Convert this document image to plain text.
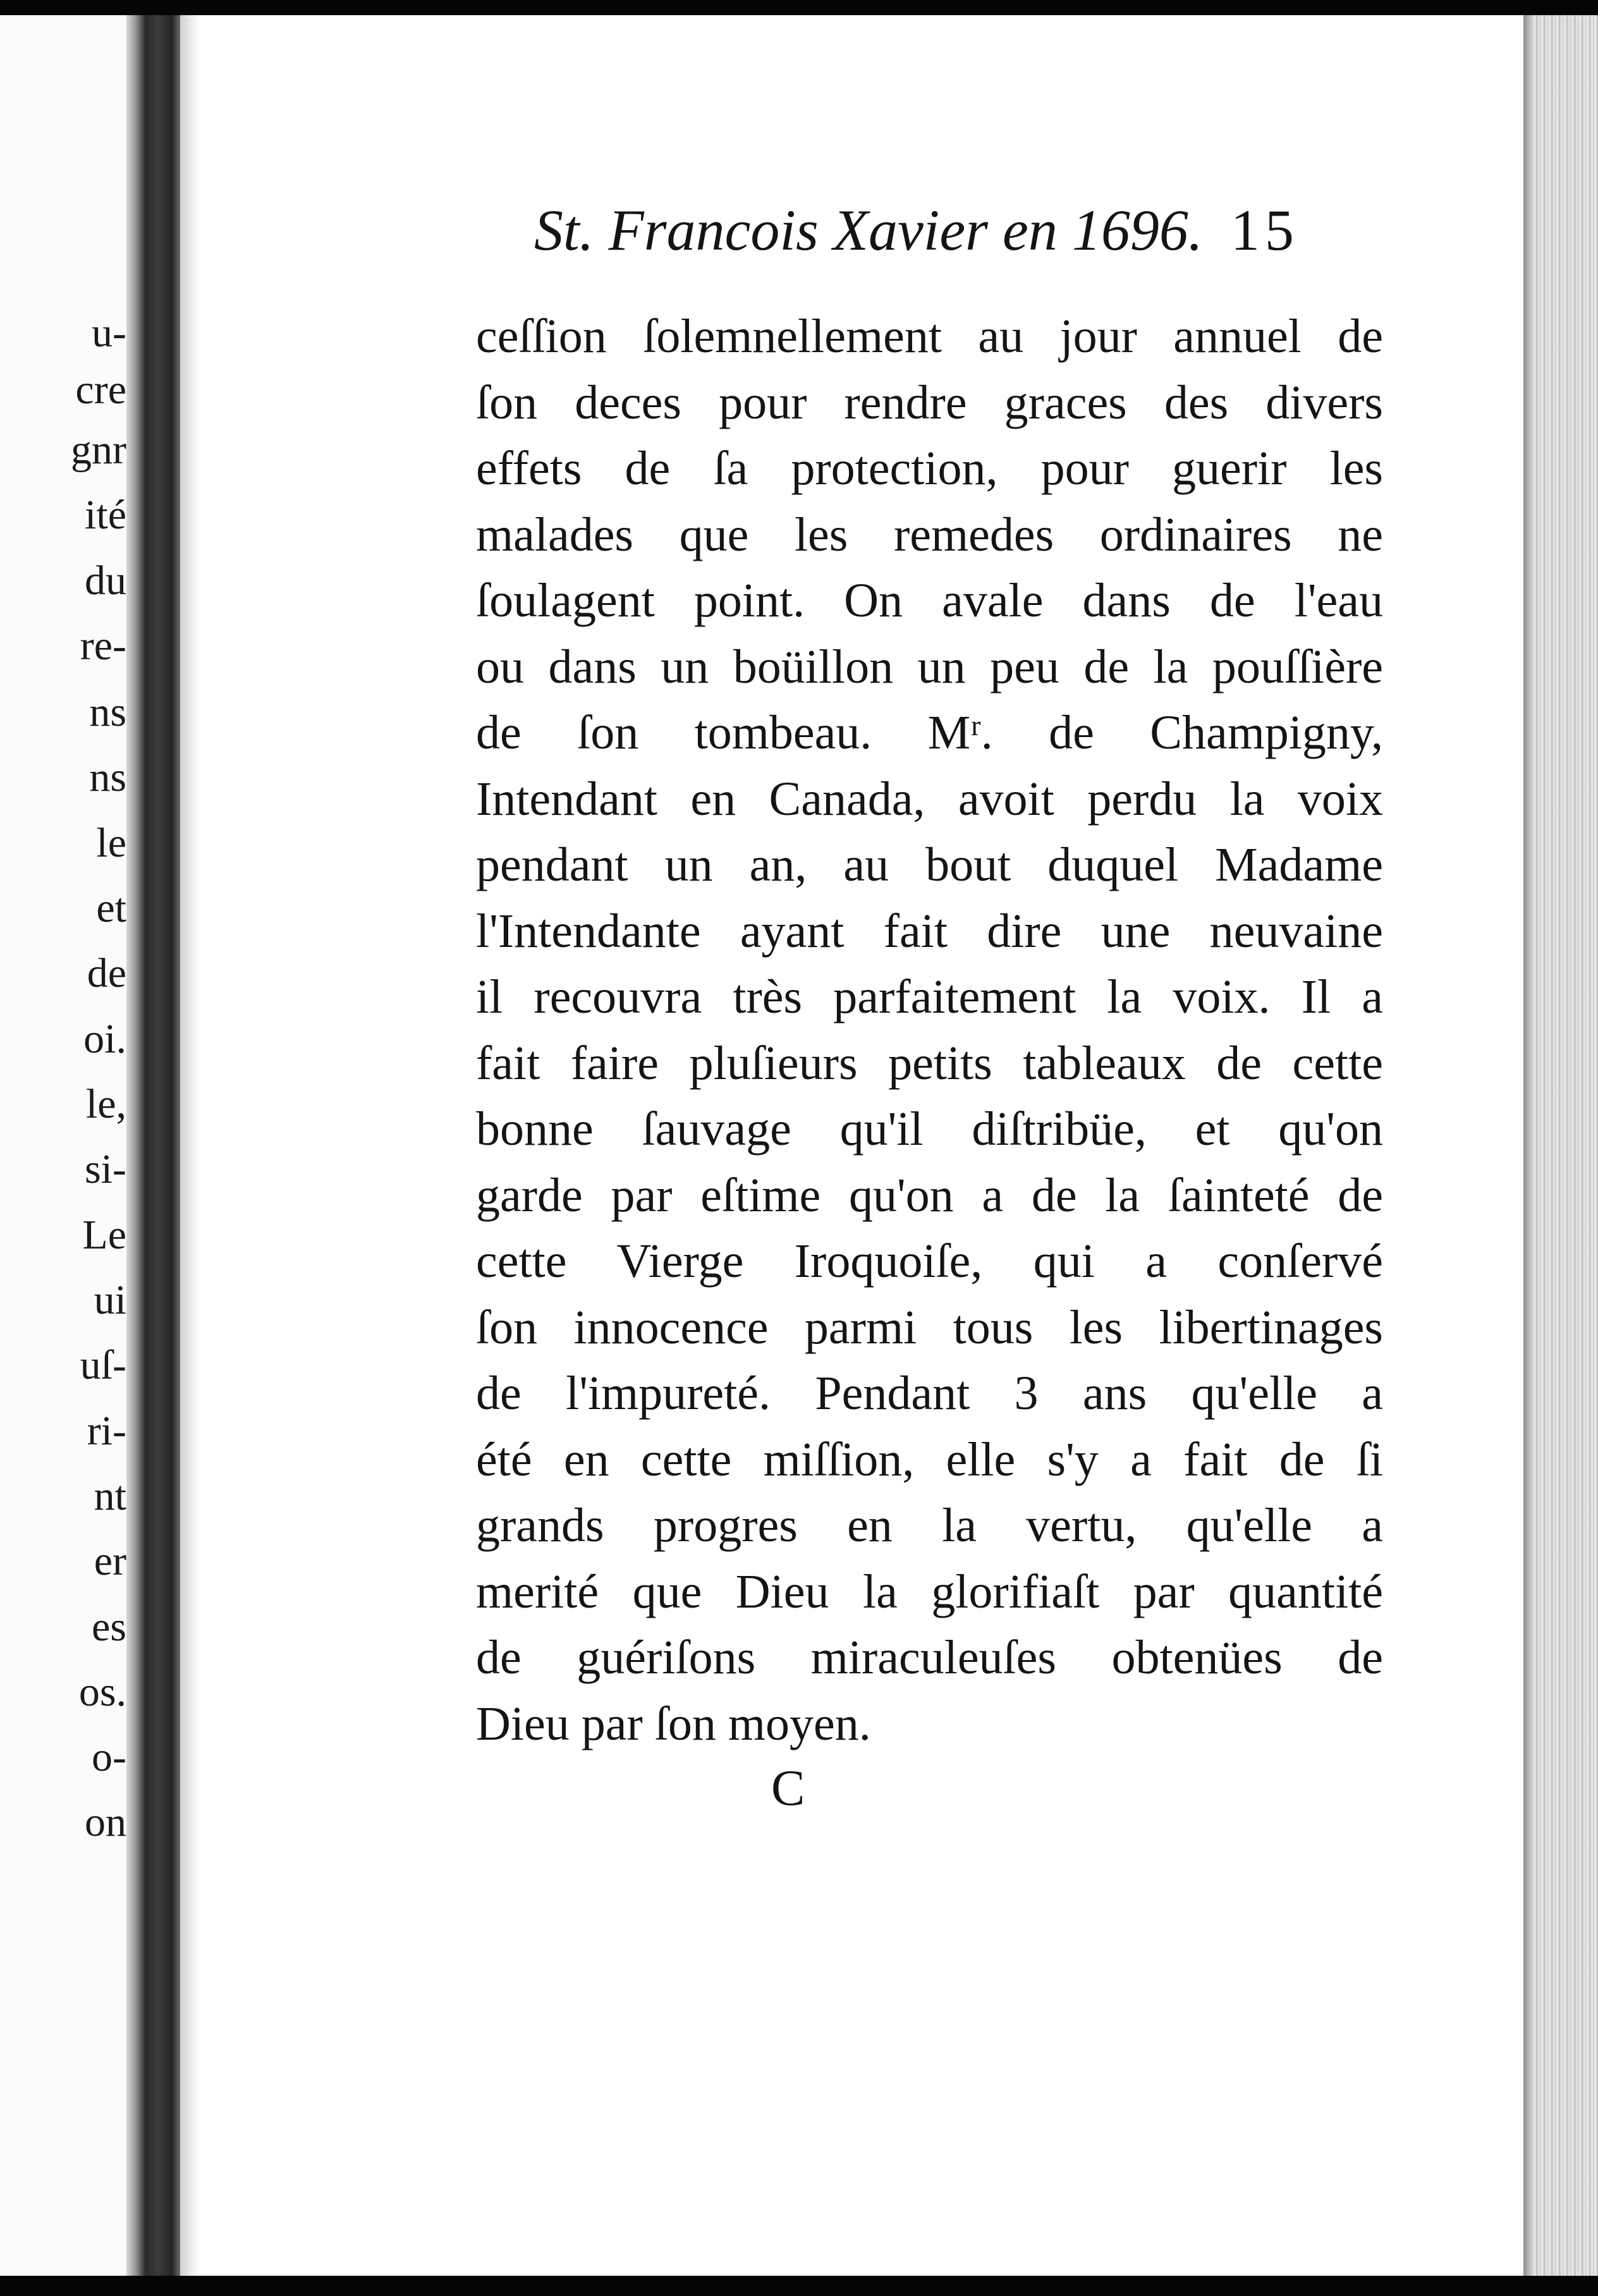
u-
cre
gnr
ité
du
re-
ns
ns
le
et
de
oi.
le,
si-
Le
ui
uſ-
ri-
nt
er
es
os.
o-
on
St. Francois Xavier en 1696. 15
ceſſion ſolemnellement au jour annuel de
ſon deces pour rendre graces des divers
effets de ſa protection, pour guerir les
malades que les remedes ordinaires ne
ſoulagent point. On avale dans de l'eau
ou dans un boüillon un peu de la pouſſière
de ſon tombeau. Mʳ. de Champigny,
Intendant en Canada, avoit perdu la voix
pendant un an, au bout duquel Madame
l'Intendante ayant fait dire une neuvaine
il recouvra très parfaitement la voix. Il a
fait faire pluſieurs petits tableaux de cette
bonne ſauvage qu'il diſtribüe, et qu'on
garde par eſtime qu'on a de la ſainteté de
cette Vierge Iroquoiſe, qui a conſervé
ſon innocence parmi tous les libertinages
de l'impureté. Pendant 3 ans qu'elle a
été en cette miſſion, elle s'y a fait de ſi
grands progres en la vertu, qu'elle a
merité que Dieu la glorifiaſt par quantité
de guériſons miraculeuſes obtenües de
Dieu par ſon moyen.
C
